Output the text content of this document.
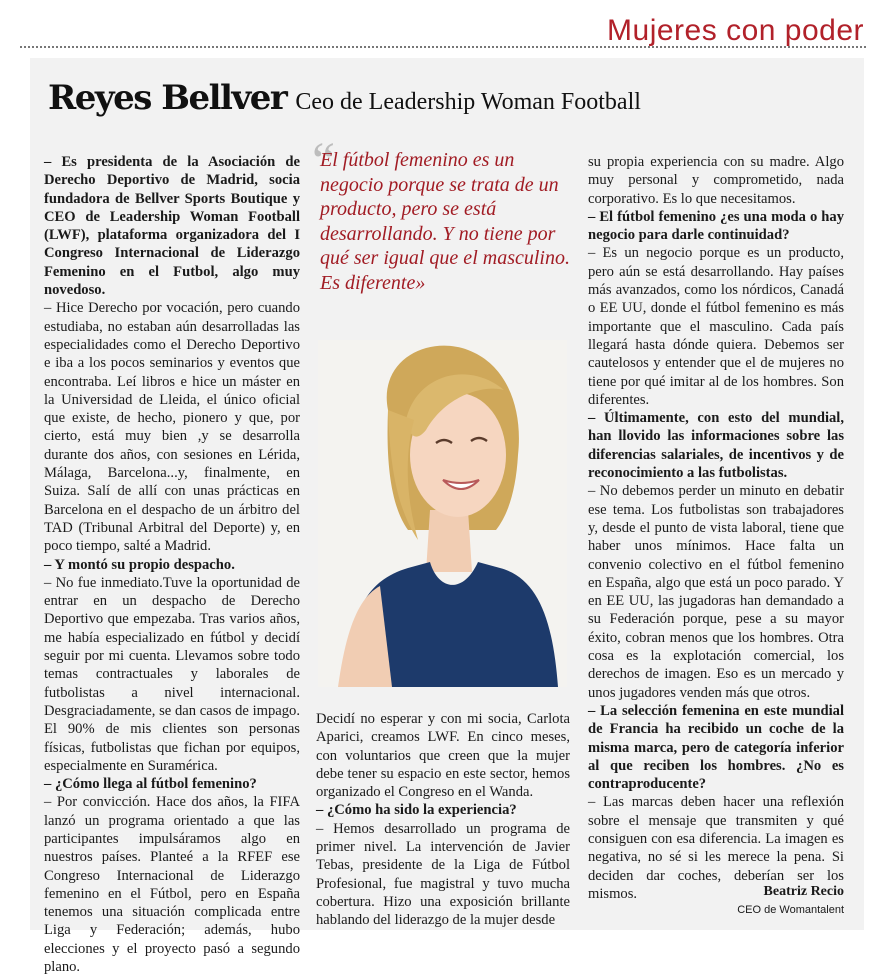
Mujeres con poder
Reyes Bellver Ceo de Leadership Woman Football

– Es presidenta de la Asociación de Derecho Deportivo de Madrid, socia fundadora de Bellver Sports Boutique y CEO de Leadership Woman Football (LWF), plataforma organizadora del I Congreso Internacional de Liderazgo Femenino en el Futbol, algo muy novedoso.

– Hice Derecho por vocación, pero cuando estudiaba, no estaban aún desarrolladas las especialidades como el Derecho Deportivo e iba a los pocos seminarios y eventos que encontraba. Leí libros e hice un máster en la Universidad de Lleida, el único oficial que existe, de hecho, pionero y que, por cierto, está muy bien ,y se desarrolla durante dos años, con sesiones en Lérida, Málaga, Barcelona...y, finalmente, en Suiza. Salí de allí con unas prácticas en Barcelona en el despacho de un árbitro del TAD (Tribunal Arbitral del Deporte) y, en poco tiempo, salté a Madrid.

– Y montó su propio despacho.

– No fue inmediato.Tuve la oportunidad de entrar en un despacho de Derecho Deportivo que empezaba. Tras varios años, me había especializado en fútbol y decidí seguir por mi cuenta. Llevamos sobre todo temas contractuales y laborales de futbolistas a nivel internacional. Desgraciadamente, se dan casos de impago. El 90% de mis clientes son personas físicas, futbolistas que fichan por equipos, especialmente en Suramérica.

– ¿Cómo llega al fútbol femenino?

– Por convicción. Hace dos años, la FIFA lanzó un programa orientado a que las participantes impulsáramos algo en nuestros países. Planteé a la RFEF ese Congreso Internacional de Liderazgo femenino en el Fútbol, pero en España tenemos una situación complicada entre Liga y Federación; además, hubo elecciones y el proyecto pasó a segundo plano.

“
El fútbol femenino es un negocio porque se trata de un producto, pero se está desarrollando. Y no tiene por qué ser igual que el masculino. Es diferente»

Decidí no esperar y con mi socia, Carlota Aparici, creamos LWF. En cinco meses, con voluntarios que creen que la mujer debe tener su espacio en este sector, hemos organizado el Congreso en el Wanda.

– ¿Cómo ha sido la experiencia?

– Hemos desarrollado un programa de primer nivel. La intervención de Javier Tebas, presidente de la Liga de Fútbol Profesional, fue magistral y tuvo mucha cobertura. Hizo una exposición brillante hablando del liderazgo de la mujer desde

su propia experiencia con su madre. Algo muy personal y comprometido, nada corporativo. Es lo que necesitamos.

– El fútbol femenino ¿es una moda o hay negocio para darle continuidad?

– Es un negocio porque es un producto, pero aún se está desarrollando. Hay países más avanzados, como los nórdicos, Canadá o EE UU, donde el fútbol femenino es más importante que el masculino. Cada país llegará hasta dónde quiera. Debemos ser cautelosos y entender que el de mujeres no tiene por qué imitar al de los hombres. Son diferentes.

– Últimamente, con esto del mundial, han llovido las informaciones sobre las diferencias salariales, de incentivos y de reconocimiento a las futbolistas.

– No debemos perder un minuto en debatir ese tema. Los futbolistas son trabajadores y, desde el punto de vista laboral, tiene que haber unos mínimos. Hace falta un convenio colectivo en el fútbol femenino en España, algo que está un poco parado. Y en EE UU, las jugadoras han demandado a su Federación porque, pese a su mayor éxito, cobran menos que los hombres. Otra cosa es la explotación comercial, los derechos de imagen. Eso es un mercado y unos jugadores venden más que otros.

– La selección femenina en este mundial de Francia ha recibido un coche de la misma marca, pero de categoría inferior al que reciben los hombres. ¿No es contraproducente?

– Las marcas deben hacer una reflexión sobre el mensaje que transmiten y qué consiguen con esa diferencia. La imagen es negativa, no sé si les merece la pena. Si deciden dar coches, deberían ser los mismos.	Beatriz Recio
CEO de Womantalent
